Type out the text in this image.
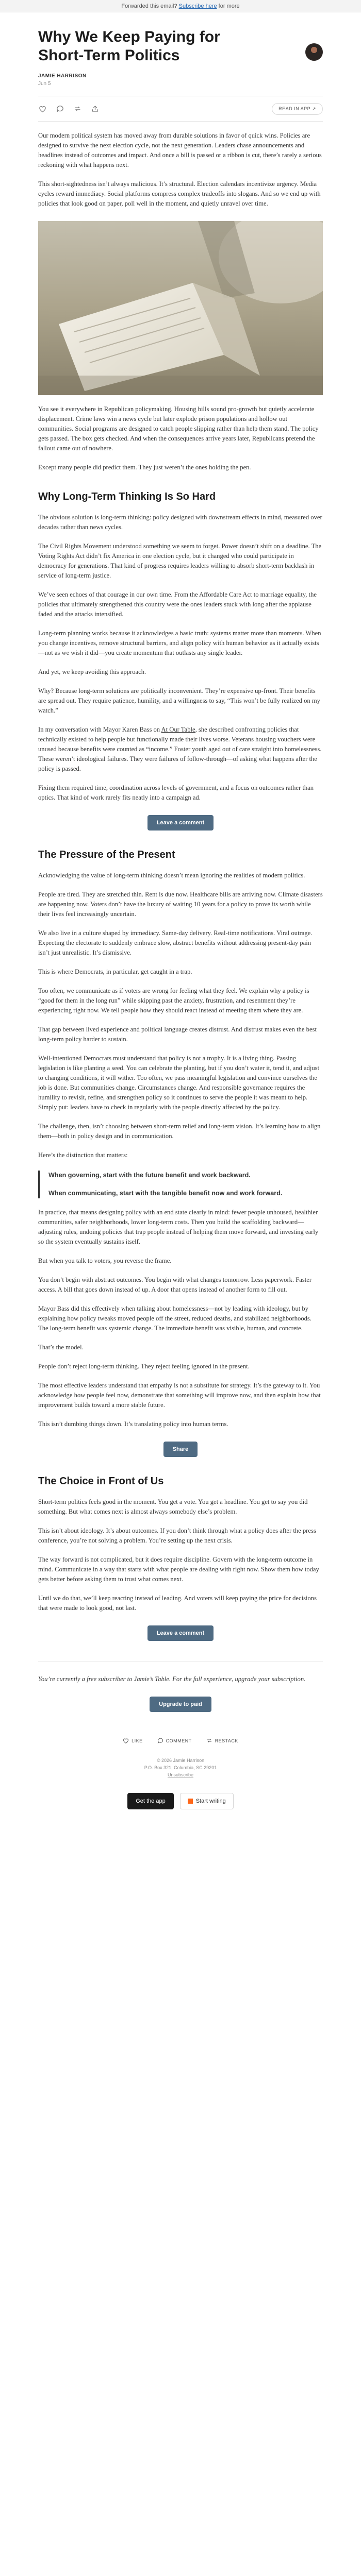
Forwarded this email? Subscribe here for more
Why We Keep Paying for Short-Term Politics
JAMIE HARRISON
Jun 5
READ IN APP ↗

Our modern political system has moved away from durable solutions in favor of quick wins. Policies are designed to survive the next election cycle, not the next generation. Leaders chase announcements and headlines instead of outcomes and impact. And once a bill is passed or a ribbon is cut, there’s rarely a serious reckoning with what happens next.

This short-sightedness isn’t always malicious. It’s structural. Election calendars incentivize urgency. Media cycles reward immediacy. Social platforms compress complex tradeoffs into slogans. And so we end up with policies that look good on paper, poll well in the moment, and quietly unravel over time.

You see it everywhere in Republican policymaking. Housing bills sound pro-growth but quietly accelerate displacement. Crime laws win a news cycle but later explode prison populations and hollow out communities. Social programs are designed to catch people slipping rather than help them stand. The policy gets passed. The box gets checked. And when the consequences arrive years later, Republicans pretend the fallout came out of nowhere.

Except many people did predict them. They just weren’t the ones holding the pen.

Why Long-Term Thinking Is So Hard

The obvious solution is long-term thinking: policy designed with downstream effects in mind, measured over decades rather than news cycles.

The Civil Rights Movement understood something we seem to forget. Power doesn’t shift on a deadline. The Voting Rights Act didn’t fix America in one election cycle, but it changed who could participate in democracy for generations. That kind of progress requires leaders willing to absorb short-term backlash in service of long-term justice.

We’ve seen echoes of that courage in our own time. From the Affordable Care Act to marriage equality, the policies that ultimately strengthened this country were the ones leaders stuck with long after the applause faded and the attacks intensified.

Long-term planning works because it acknowledges a basic truth: systems matter more than moments. When you change incentives, remove structural barriers, and align policy with human behavior as it actually exists—not as we wish it did—you create momentum that outlasts any single leader.

And yet, we keep avoiding this approach.

Why? Because long-term solutions are politically inconvenient. They’re expensive up-front. Their benefits are spread out. They require patience, humility, and a willingness to say, “This won’t be fully realized on my watch.”

In my conversation with Mayor Karen Bass on At Our Table, she described confronting policies that technically existed to help people but functionally made their lives worse. Veterans housing vouchers were unused because benefits were counted as “income.” Foster youth aged out of care straight into homelessness. These weren’t ideological failures. They were failures of follow-through—of asking what happens after the policy is passed.

Fixing them required time, coordination across levels of government, and a focus on outcomes rather than optics. That kind of work rarely fits neatly into a campaign ad.

Leave a comment
The Pressure of the Present

Acknowledging the value of long-term thinking doesn’t mean ignoring the realities of modern politics.

People are tired. They are stretched thin. Rent is due now. Healthcare bills are arriving now. Climate disasters are happening now. Voters don’t have the luxury of waiting 10 years for a policy to prove its worth while their lives feel increasingly uncertain.

We also live in a culture shaped by immediacy. Same-day delivery. Real-time notifications. Viral outrage. Expecting the electorate to suddenly embrace slow, abstract benefits without addressing present-day pain isn’t just unrealistic. It’s dismissive.

This is where Democrats, in particular, get caught in a trap.

Too often, we communicate as if voters are wrong for feeling what they feel. We explain why a policy is “good for them in the long run” while skipping past the anxiety, frustration, and resentment they’re experiencing right now. We tell people how they should react instead of meeting them where they are.

That gap between lived experience and political language creates distrust. And distrust makes even the best long-term policy harder to sustain.

Well-intentioned Democrats must understand that policy is not a trophy. It is a living thing. Passing legislation is like planting a seed. You can celebrate the planting, but if you don’t water it, tend it, and adjust to changing conditions, it will wither. Too often, we pass meaningful legislation and convince ourselves the job is done. But communities change. Circumstances change. And responsible governance requires the humility to revisit, refine, and strengthen policy so it continues to serve the people it was meant to help. Simply put: leaders have to check in regularly with the people directly affected by the policy.

The challenge, then, isn’t choosing between short-term relief and long-term vision. It’s learning how to align them—both in policy design and in communication.

Here’s the distinction that matters:

When governing, start with the future benefit and work backward.

When communicating, start with the tangible benefit now and work forward.

In practice, that means designing policy with an end state clearly in mind: fewer people unhoused, healthier communities, safer neighborhoods, lower long-term costs. Then you build the scaffolding backward—adjusting rules, undoing policies that trap people instead of helping them move forward, and investing early so the system eventually sustains itself.

But when you talk to voters, you reverse the frame.

You don’t begin with abstract outcomes. You begin with what changes tomorrow. Less paperwork. Faster access. A bill that goes down instead of up. A door that opens instead of another form to fill out.

Mayor Bass did this effectively when talking about homelessness—not by leading with ideology, but by explaining how policy tweaks moved people off the street, reduced deaths, and stabilized neighborhoods. The long-term benefit was systemic change. The immediate benefit was visible, human, and concrete.

That’s the model.

People don’t reject long-term thinking. They reject feeling ignored in the present.

The most effective leaders understand that empathy is not a substitute for strategy. It’s the gateway to it. You acknowledge how people feel now, demonstrate that something will improve now, and then explain how that improvement builds toward a more stable future.

This isn’t dumbing things down. It’s translating policy into human terms.

Share
The Choice in Front of Us

Short-term politics feels good in the moment. You get a vote. You get a headline. You get to say you did something. But what comes next is almost always somebody else’s problem.

This isn’t about ideology. It’s about outcomes. If you don’t think through what a policy does after the press conference, you’re not solving a problem. You’re setting up the next crisis.

The way forward is not complicated, but it does require discipline. Govern with the long-term outcome in mind. Communicate in a way that starts with what people are dealing with right now. Show them how today gets better before asking them to trust what comes next.

Until we do that, we’ll keep reacting instead of leading. And voters will keep paying the price for decisions that were made to look good, not last.

Leave a comment

You’re currently a free subscriber to Jamie’s Table. For the full experience, upgrade your subscription.

Upgrade to paid
LIKE	COMMENT	RESTACK
© 2026 Jamie Harrison
P.O. Box 321, Columbia, SC 29201
Unsubscribe
Get the app	Start writing
